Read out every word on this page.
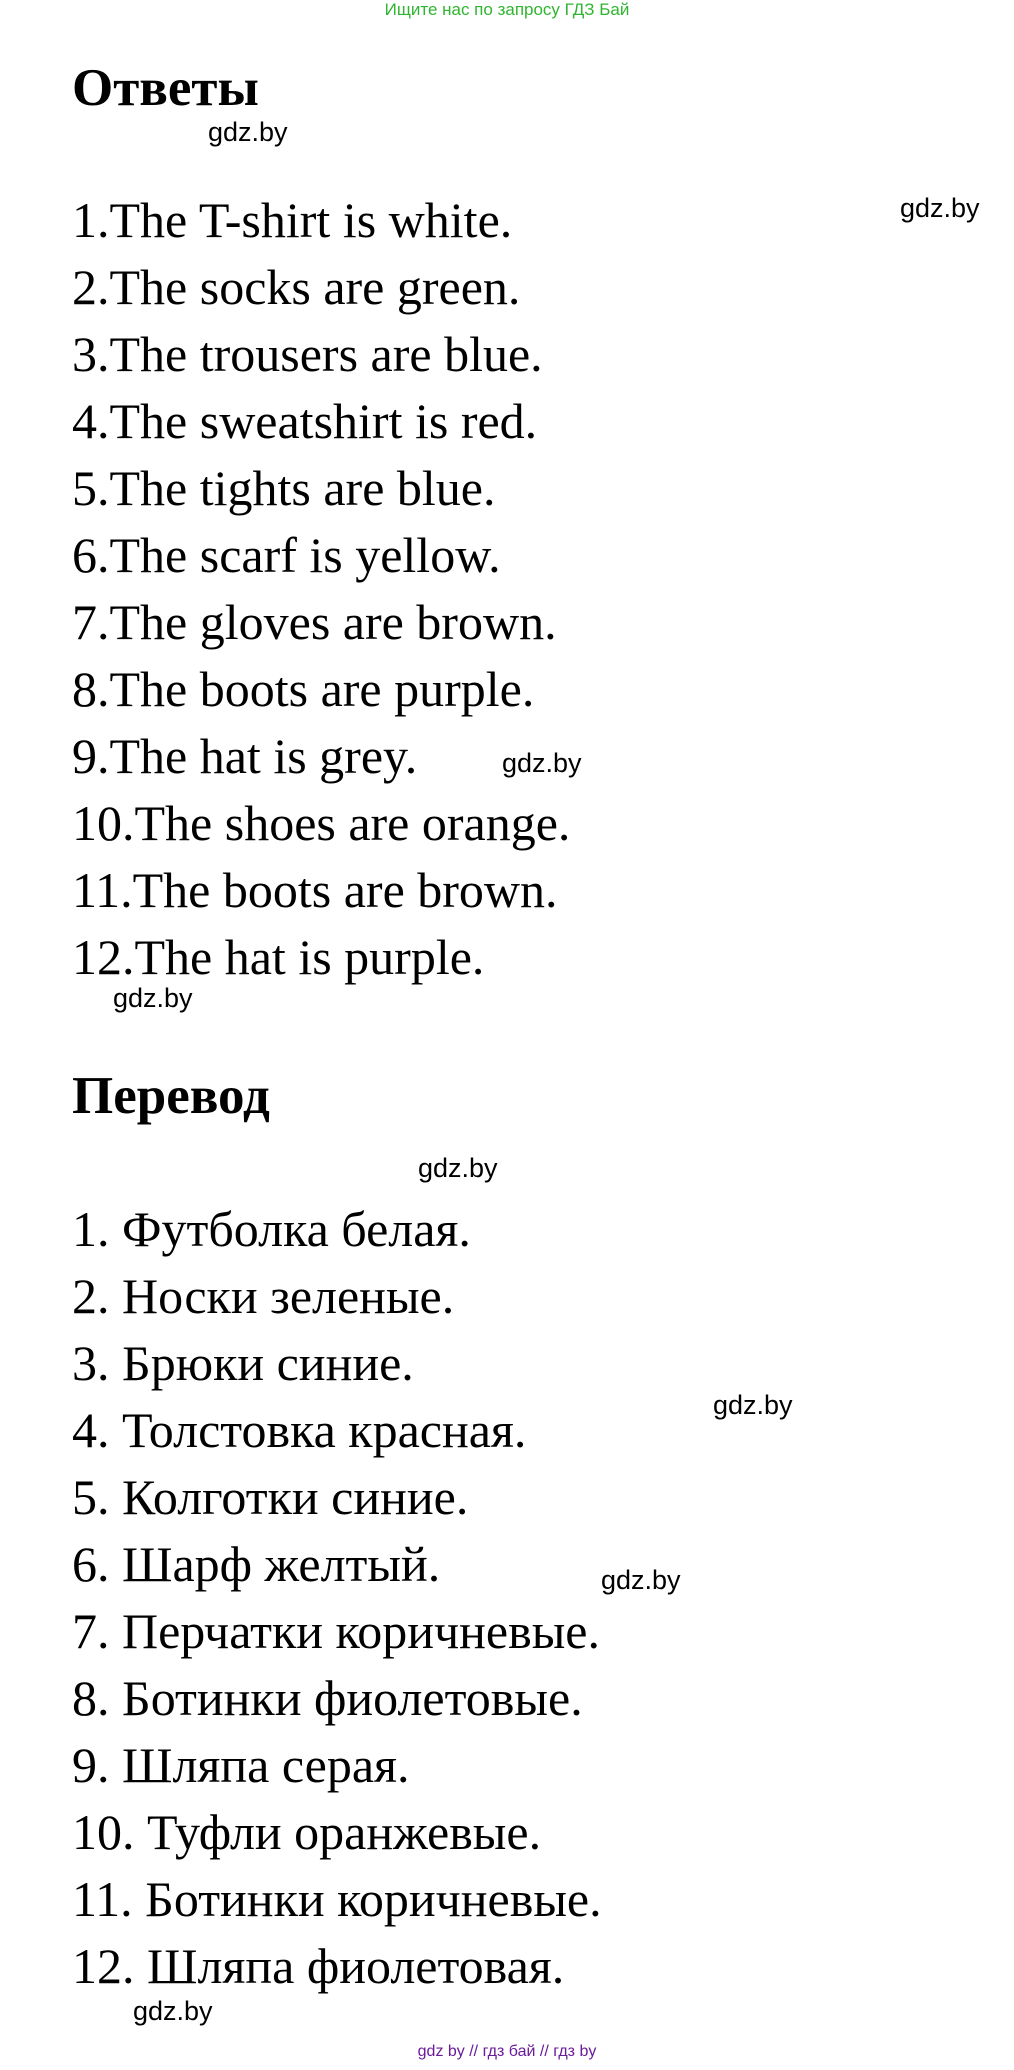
Ищите нас по запросу ГДЗ Бай
Ответы
1.The T-shirt is white.
2.The socks are green.
3.The trousers are blue.
4.The sweatshirt is red.
5.The tights are blue.
6.The scarf is yellow.
7.The gloves are brown.
8.The boots are purple.
9.The hat is grey.
10.The shoes are orange.
11.The boots are brown.
12.The hat is purple.
Перевод
1. Футболка белая.
2. Носки зеленые.
3. Брюки синие.
4. Толстовка красная.
5. Колготки синие.
6. Шарф желтый.
7. Перчатки коричневые.
8. Ботинки фиолетовые.
9. Шляпа серая.
10. Туфли оранжевые.
11. Ботинки коричневые.
12. Шляпа фиолетовая.
gdz.by
gdz.by
gdz.by
gdz.by
gdz.by
gdz.by
gdz.by
gdz.by
gdz by // гдз бай // гдз by
